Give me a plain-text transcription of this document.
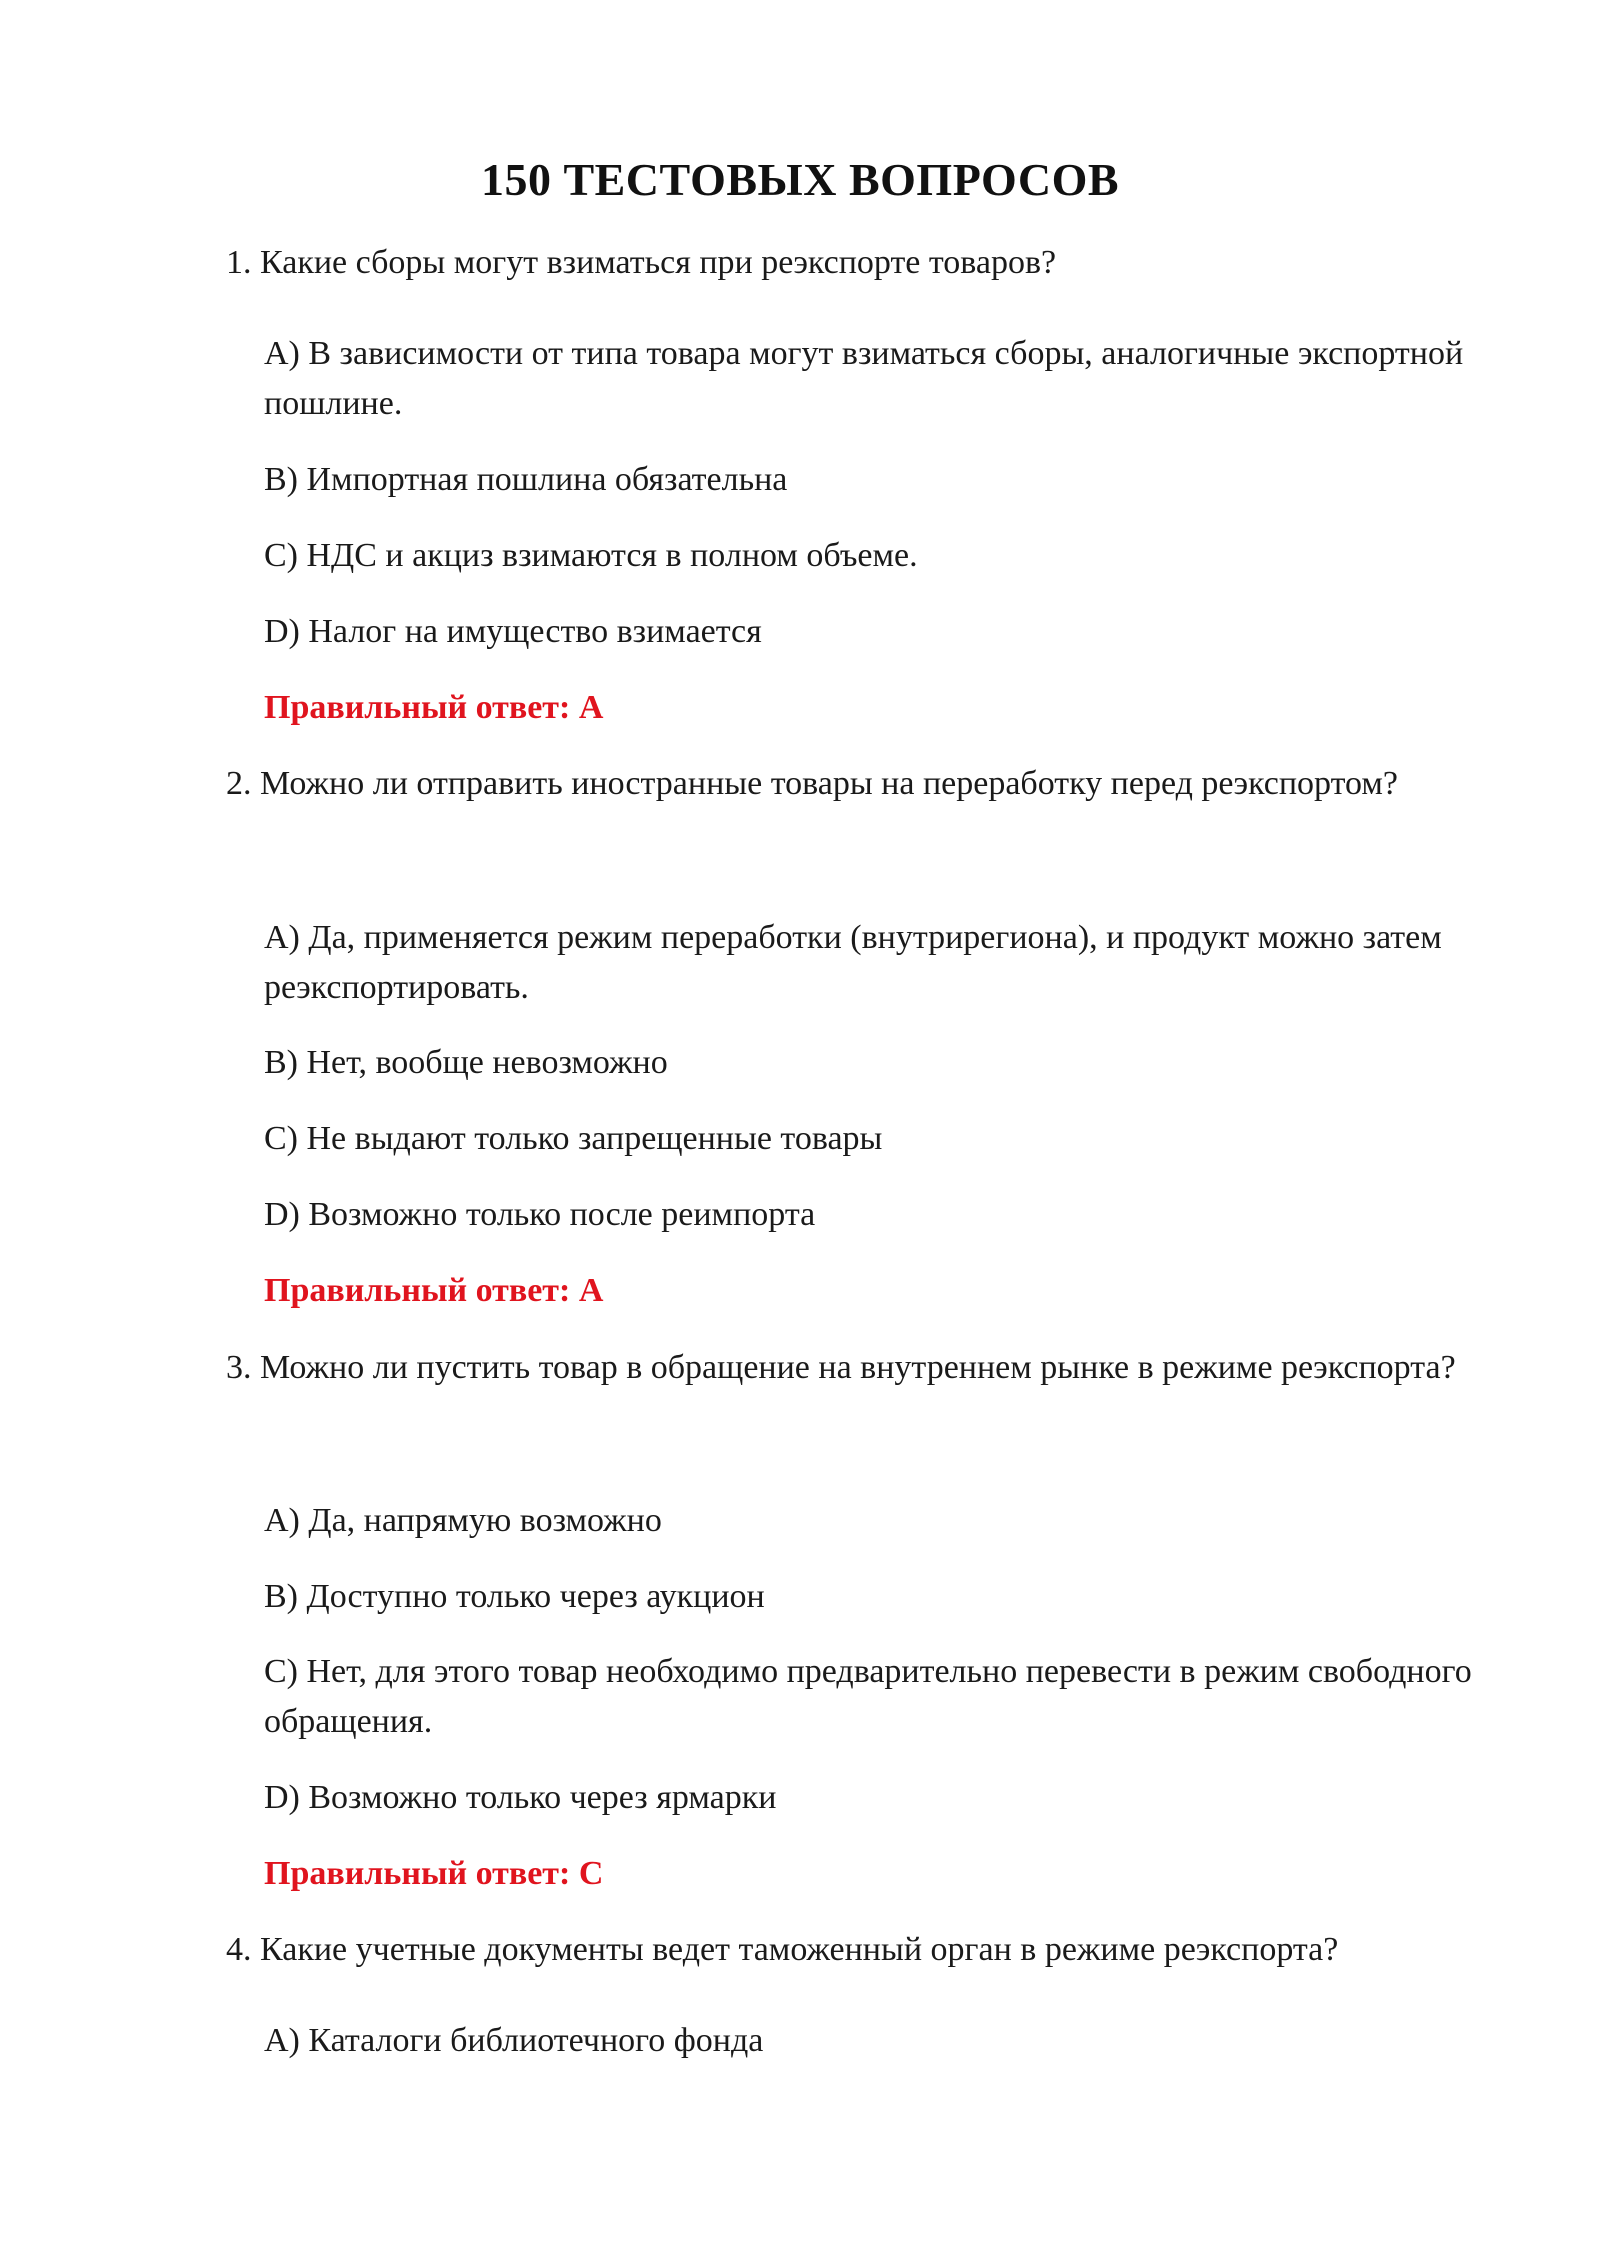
150 ТЕСТОВЫХ ВОПРОСОВ
1. Какие сборы могут взиматься при реэкспорте товаров?
A) В зависимости от типа товара могут взиматься сборы, аналогичные экспортной пошлине.
B) Импортная пошлина обязательна
C) НДС и акциз взимаются в полном объеме.
D) Налог на имущество взимается
Правильный ответ: A
2. Можно ли отправить иностранные товары на переработку перед реэкспортом?
A) Да, применяется режим переработки (внутрирегиона), и продукт можно затем реэкспортировать.
B) Нет, вообще невозможно
C) Не выдают только запрещенные товары
D) Возможно только после реимпорта
Правильный ответ: A
3. Можно ли пустить товар в обращение на внутреннем рынке в режиме реэкспорта?
A) Да, напрямую возможно
B) Доступно только через аукцион
C) Нет, для этого товар необходимо предварительно перевести в режим свободного обращения.
D) Возможно только через ярмарки
Правильный ответ: C
4. Какие учетные документы ведет таможенный орган в режиме реэкспорта?
A) Каталоги библиотечного фонда
